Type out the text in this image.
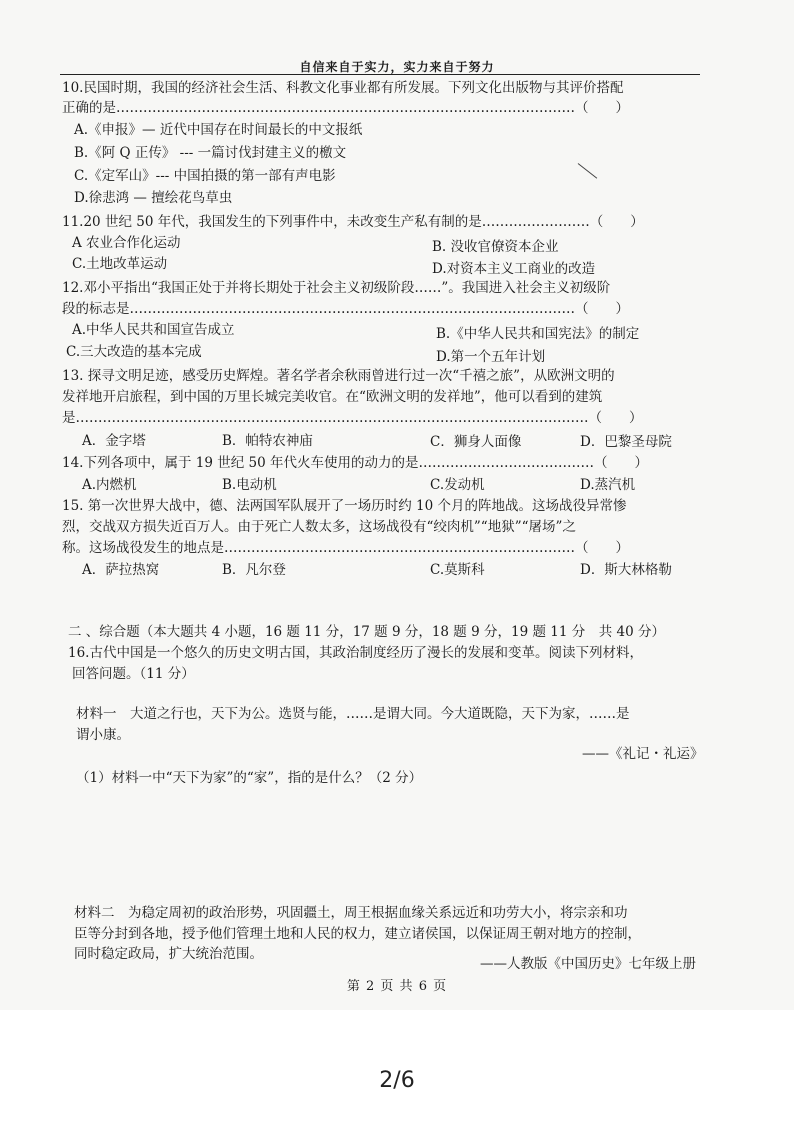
自信来自于实力，实力来自于努力
10.民国时期，我国的经济社会生活、科教文化事业都有所发展。下列文化出版物与其评价搭配
正确的是…………………………………………………………………………………………（　　）
A.《申报》— 近代中国存在时间最长的中文报纸
B.《阿 Q 正传》 --- 一篇讨伐封建主义的檄文
C.《定军山》--- 中国拍摄的第一部有声电影
D.徐悲鸿 — 擅绘花鸟草虫
11.20 世纪 50 年代，我国发生的下列事件中，未改变生产私有制的是……………………（　　）
A 农业合作化运动	B. 没收官僚资本企业
C.土地改革运动	D.对资本主义工商业的改造
12.邓小平指出“我国正处于并将长期处于社会主义初级阶段……”。我国进入社会主义初级阶
段的标志是………………………………………………………………………………………（　　）
A.中华人民共和国宣告成立	B.《中华人民共和国宪法》的制定
C.三大改造的基本完成	D.第一个五年计划
13. 探寻文明足迹，感受历史辉煌。著名学者余秋雨曾进行过一次“千禧之旅”，从欧洲文明的
发祥地开启旅程，到中国的万里长城完美收官。在“欧洲文明的发祥地”，他可以看到的建筑
是……………………………………………………………………………………………………（　　）
A．金字塔	B．帕特农神庙	C．狮身人面像	D．巴黎圣母院
14.下列各项中，属于 19 世纪 50 年代火车使用的动力的是…………………………………（　　）
A.内燃机	B.电动机	C.发动机	D.蒸汽机
15. 第一次世界大战中，德、法两国军队展开了一场历时约 10 个月的阵地战。这场战役异常惨
烈，交战双方损失近百万人。由于死亡人数太多，这场战役有“绞肉机”“地狱”“屠场”之
称。这场战役发生的地点是……………………………………………………………………（　　）
A．萨拉热窝	B．凡尔登	C.莫斯科	D．斯大林格勒
二 、综合题（本大题共 4 小题，16 题 11 分，17 题 9 分，18 题 9 分，19 题 11 分　共 40 分）
16.古代中国是一个悠久的历史文明古国，其政治制度经历了漫长的发展和变革。阅读下列材料，
回答问题。（11 分）
材料一　大道之行也，天下为公。选贤与能，……是谓大同。今大道既隐，天下为家，……是
谓小康。
——《礼记・礼运》
（1）材料一中“天下为家”的“家”，指的是什么？（2 分）
材料二　为稳定周初的政治形势，巩固疆土，周王根据血缘关系远近和功劳大小，将宗亲和功
臣等分封到各地，授予他们管理土地和人民的权力，建立诸侯国，以保证周王朝对地方的控制，
同时稳定政局，扩大统治范围。
——人教版《中国历史》七年级上册
第 2 页 共 6 页
2/6
